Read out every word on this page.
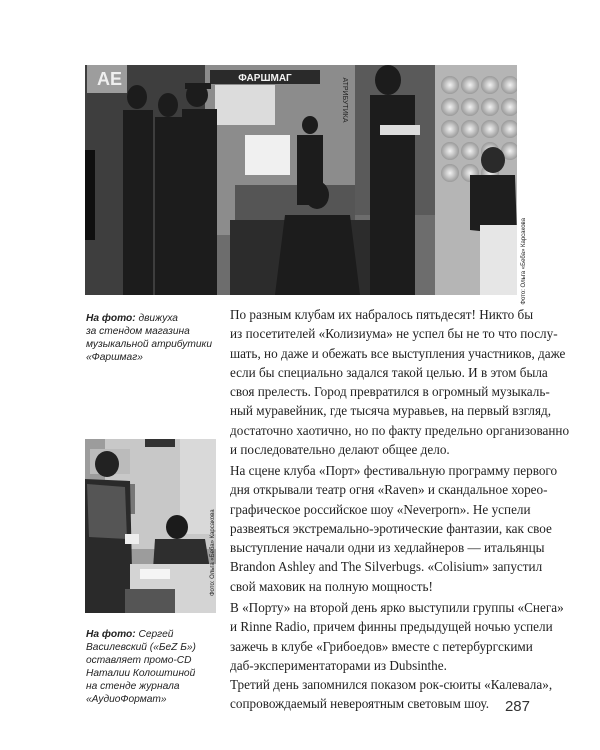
ФАРШМАГ	АТРИБУТИКА
AE
Фото: Ольга «Беба» Карсакова
На фото: движуха
за стендом магазина
музыкальной атрибутики
«Фаршмаг»
Фото: Ольга «Беба» Карсакова
На фото: Сергей
Василевский («БеZ Б»)
оставляет промо-CD
Наталии Колоштиной
на стенде журнала
«АудиоФормат»
По разным клубам их набралось пятьдесят! Никто бы
из посетителей «Колизиума» не успел бы не то что послу-
шать, но даже и обежать все выступления участников, даже
если бы специально задался такой целью. И в этом была
своя прелесть. Город превратился в огромный музыкаль-
ный муравейник, где тысяча муравьев, на первый взгляд,
достаточно хаотично, но по факту предельно организованно
и последовательно делают общее дело.
На сцене клуба «Порт» фестивальную программу первого
дня открывали театр огня «Raven» и скандальное хорео-
графическое российское шоу «Neverporn». Не успели
развеяться экстремально-эротические фантазии, как свое
выступление начали одни из хедлайнеров — итальянцы
Brandon Ashley and The Silverbugs. «Colisium» запустил
свой маховик на полную мощность!
В «Порту» на второй день ярко выступили группы «Снега»
и Rinne Radio, причем финны предыдущей ночью успели
зажечь в клубе «Грибоедов» вместе с петербургскими
даб-экспериментаторами из Dubsinthe.
Третий день запомнился показом рок-сюиты «Калевала»,
сопровождаемый невероятным световым шоу.	287
